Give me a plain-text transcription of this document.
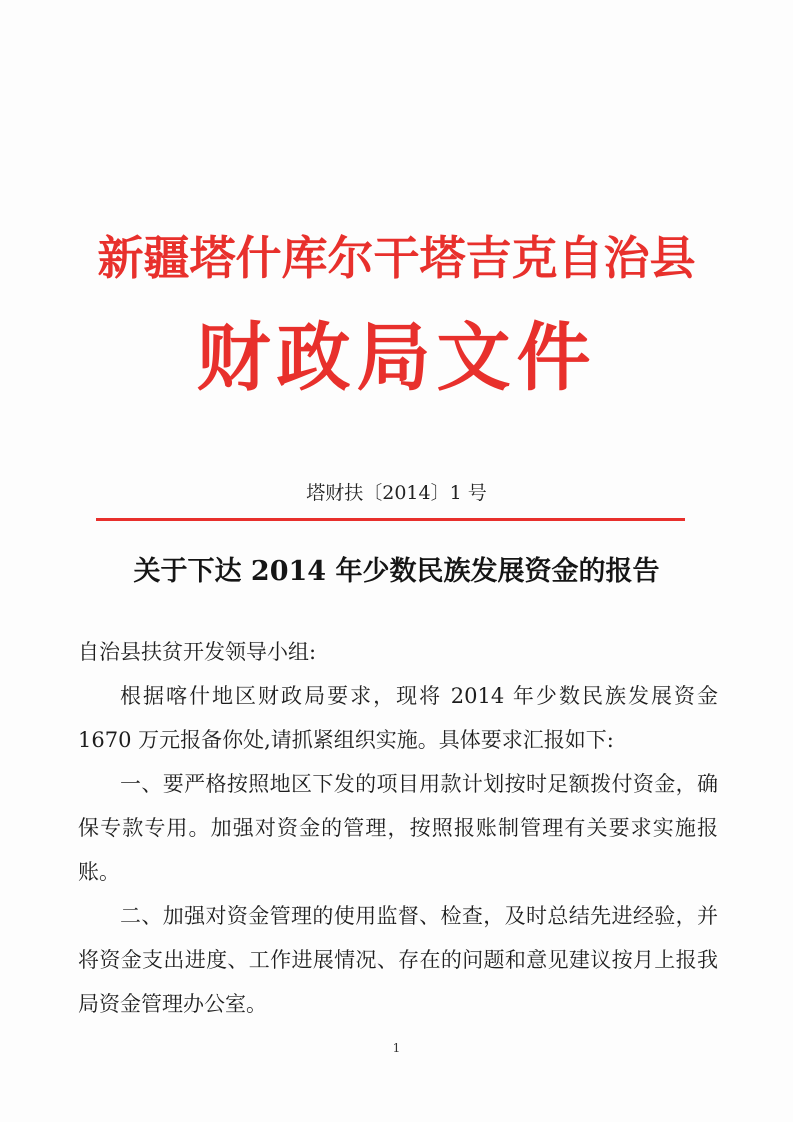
新疆塔什库尔干塔吉克自治县
财政局文件
塔财扶〔2014〕1 号
关于下达 2014 年少数民族发展资金的报告

自治县扶贫开发领导小组:

根据喀什地区财政局要求，现将 2014 年少数民族发展资金 1670 万元报备你处,请抓紧组织实施。具体要求汇报如下:

一、要严格按照地区下发的项目用款计划按时足额拨付资金，确保专款专用。加强对资金的管理，按照报账制管理有关要求实施报账。

二、加强对资金管理的使用监督、检查，及时总结先进经验，并将资金支出进度、工作进展情况、存在的问题和意见建议按月上报我局资金管理办公室。

1
